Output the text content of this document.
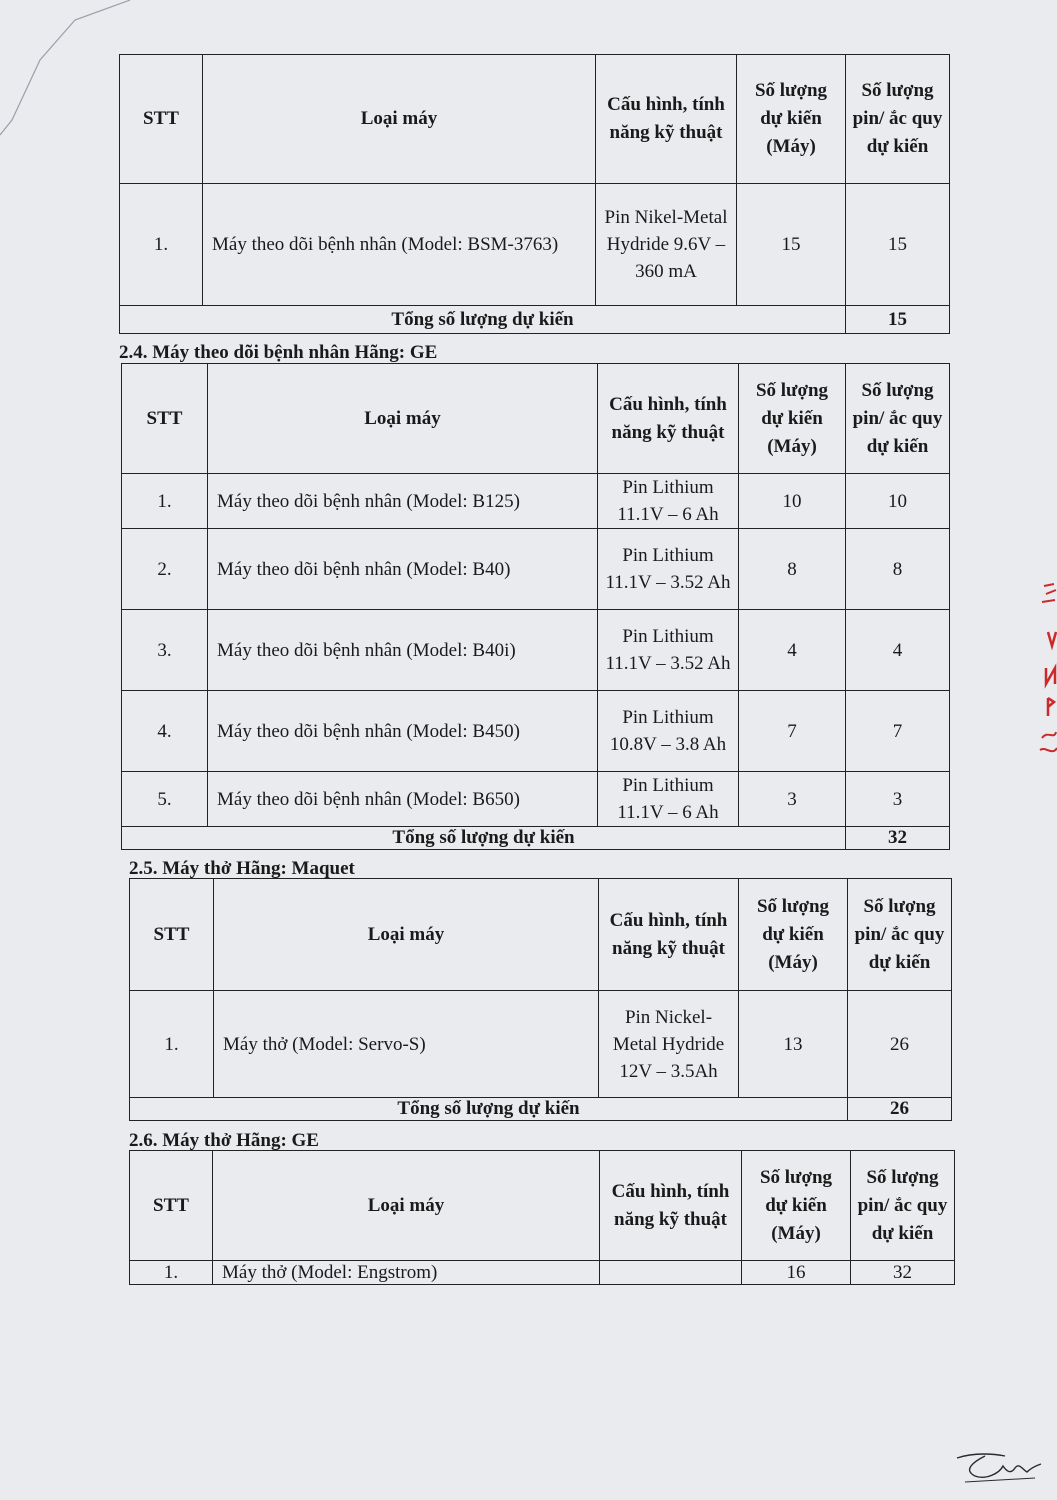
STT	Loại máy	Cấu hình, tính năng kỹ thuật	Số lượng dự kiến (Máy)	Số lượng pin/ ắc quy dự kiến
1.	Máy theo dõi bệnh nhân (Model: BSM-3763)	Pin Nikel-Metal Hydride 9.6V – 360 mA	15	15
Tổng số lượng dự kiến				15
2.4. Máy theo dõi bệnh nhân Hãng: GE
STT	Loại máy	Cấu hình, tính năng kỹ thuật	Số lượng dự kiến (Máy)	Số lượng pin/ ắc quy dự kiến
1.	Máy theo dõi bệnh nhân (Model: B125)	Pin Lithium 11.1V – 6 Ah	10	10
2.	Máy theo dõi bệnh nhân (Model: B40)	Pin Lithium 11.1V – 3.52 Ah	8	8
3.	Máy theo dõi bệnh nhân (Model: B40i)	Pin Lithium 11.1V – 3.52 Ah	4	4
4.	Máy theo dõi bệnh nhân (Model: B450)	Pin Lithium 10.8V – 3.8 Ah	7	7
5.	Máy theo dõi bệnh nhân (Model: B650)	Pin Lithium 11.1V – 6 Ah	3	3
Tổng số lượng dự kiến				32
2.5. Máy thở Hãng: Maquet
STT	Loại máy	Cấu hình, tính năng kỹ thuật	Số lượng dự kiến (Máy)	Số lượng pin/ ắc quy dự kiến
1.	Máy thở (Model: Servo-S)	Pin Nickel-Metal Hydride 12V – 3.5Ah	13	26
Tổng số lượng dự kiến				26
2.6. Máy thở Hãng: GE
STT	Loại máy	Cấu hình, tính năng kỹ thuật	Số lượng dự kiến (Máy)	Số lượng pin/ ắc quy dự kiến
1.	Máy thở (Model: Engstrom)		16	32
